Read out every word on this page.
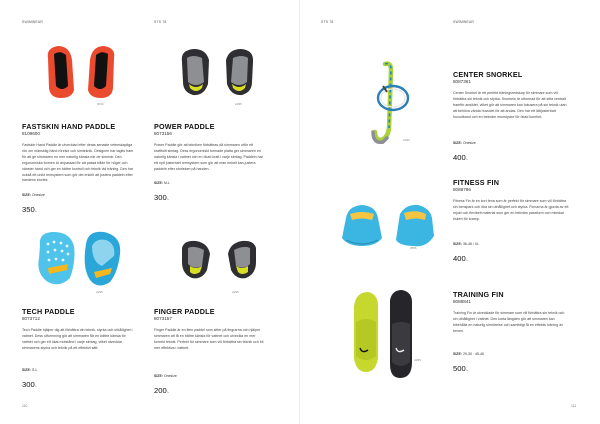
SWIMWEAR	STS 78	STS 78	SWIMWEAR
0610
FASTSKIN HAND PADDLE
8109600
Fastskin Hand Paddle är utvecklad efter deras senaste vetenskapliga rön om mänsklig händ rörelse och simteknik. Designen har tagits fram för att ge simmaren en mer naturlig känsla när de simmar. Den ergonomiska formen är anpassad för att passa både för höger och vänster hand och ger en bättre kontroll och teknik vid träning. Den har också ett unikt remsystem som gör det enkelt att justera paddeln efter handens storlek.
SIZE: Onesize
350:-
A295
POWER PADDLE
8073156
Power Paddle gör att tekniken förbättras då simmaren utför ett kraftfullt simtag. Dess ergonomiskt formade platta ger simmaren en naturlig känsla i vattnet och en ökad kraft i varje simtag. Paddeln har ett nytt justerbart remsystem som gör att man enkelt kan justera paddeln efter storleken på handen.
SIZE: M-L
300:-
A295
TECH PADDLE
8073712
Tech Paddle hjälper dig att förbättra din teknik, styrka och uthållighet i vattnet. Dess utformning gör att simmaren får en bättre känsla för vattnet och ger ett ökat motstånd i varje simtag, vilket utvecklar simmarens styrka och teknik på ett effektivt sätt.
SIZE: S-L
300:-
A295
FINGER PADDLE
8073157
Finger Paddle är en liten paddel som sitter på fingrarna och hjälper simmaren att få en bättre känsla för vattnet och utveckla en mer korrekt teknik. Perfekt för simmare som vill förbättra sin teknik och bli mer effektiva i vattnet.
SIZE: Onesize
200:-
A295
CENTER SNORKEL
8087361
Center Snorkel är ett perfekt träningsredskap för simmare som vill förbättra sin teknik och styrka. Snorkeln är utformad för att sitta centralt framför ansiktet, vilket gör att simmaren kan fokusera på sin teknik utan att behöva vända huvudet för att andas. Den har ett lättjusterbart huvudband och en bekväm munstycke för ökad komfort.
SIZE: Onesize
400:-
0556
FITNESS FIN
8088786
Fitness Fin är en kort fena som är perfekt för simmare som vill förbättra sin benspark och öka sin uthållighet och styrka. Finnarna är gjorda av ett mjukt och flexibelt material som ger en bekväm passform och minskar risken för kramp.
SIZE: 36-46 / XL
400:-
A295
TRAINING FIN
8088841
Training Fin är utvecklade för simmare som vill förbättra sin teknik och sin uthållighet i vattnet. Den korta längden gör att simmaren kan bibehålla en naturlig simrörelse och samtidigt få en effektiv träning av benen.
SIZE: 29-30 · 45-46
500:-
110	111
